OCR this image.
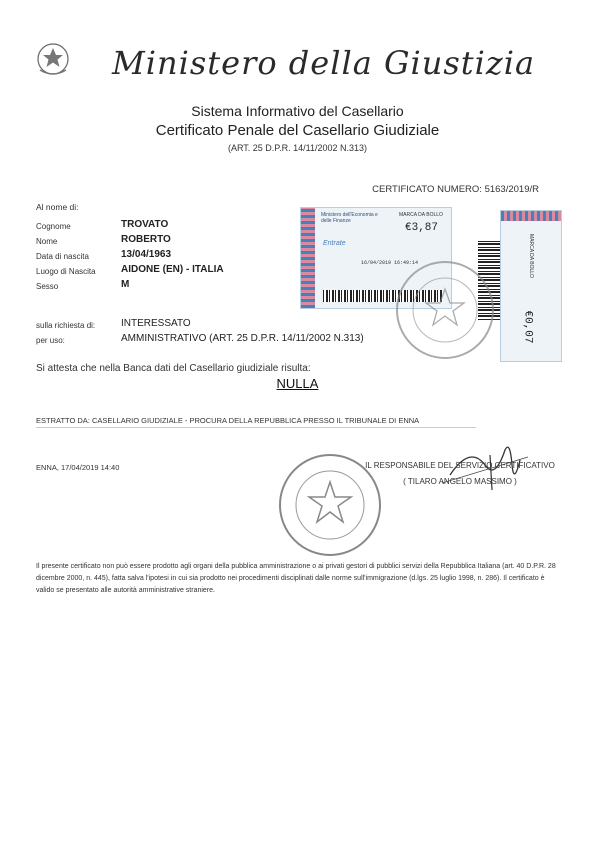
Ministero della Giustizia
Sistema Informativo del Casellario
Certificato Penale del Casellario Giudiziale
(ART. 25 D.P.R. 14/11/2002 N.313)
CERTIFICATO NUMERO: 5163/2019/R
Al nome di:
Cognome	TROVATO
Nome	ROBERTO
Data di nascita	13/04/1963
Luogo di Nascita	AIDONE (EN) - ITALIA
Sesso	M
sulla richiesta di:	INTERESSATO
per uso:	AMMINISTRATIVO (ART. 25 D.P.R. 14/11/2002 N.313)
Si attesta che nella Banca dati del Casellario giudiziale risulta:
NULLA
ESTRATTO DA: CASELLARIO GIUDIZIALE - PROCURA DELLA REPUBBLICA PRESSO IL TRIBUNALE DI ENNA
ENNA, 17/04/2019 14:40	IL RESPONSABILE DEL SERVIZIO CERTIFICATIVO
( TILARO ANGELO MASSIMO )
Ministero dell'Economia e delle Finanze
MARCA DA BOLLO
€3,87
Entrate
16/04/2019 16:49:14	MARCA DA BOLLO
€0,07
Il presente certificato non può essere prodotto agli organi della pubblica amministrazione o ai privati gestori di pubblici servizi della Repubblica Italiana (art. 40 D.P.R. 28 dicembre 2000, n. 445), fatta salva l'ipotesi in cui sia prodotto nei procedimenti disciplinati dalle norme sull'immigrazione (d.lgs. 25 luglio 1998, n. 286). Il certificato è valido se presentato alle autorità amministrative straniere.
